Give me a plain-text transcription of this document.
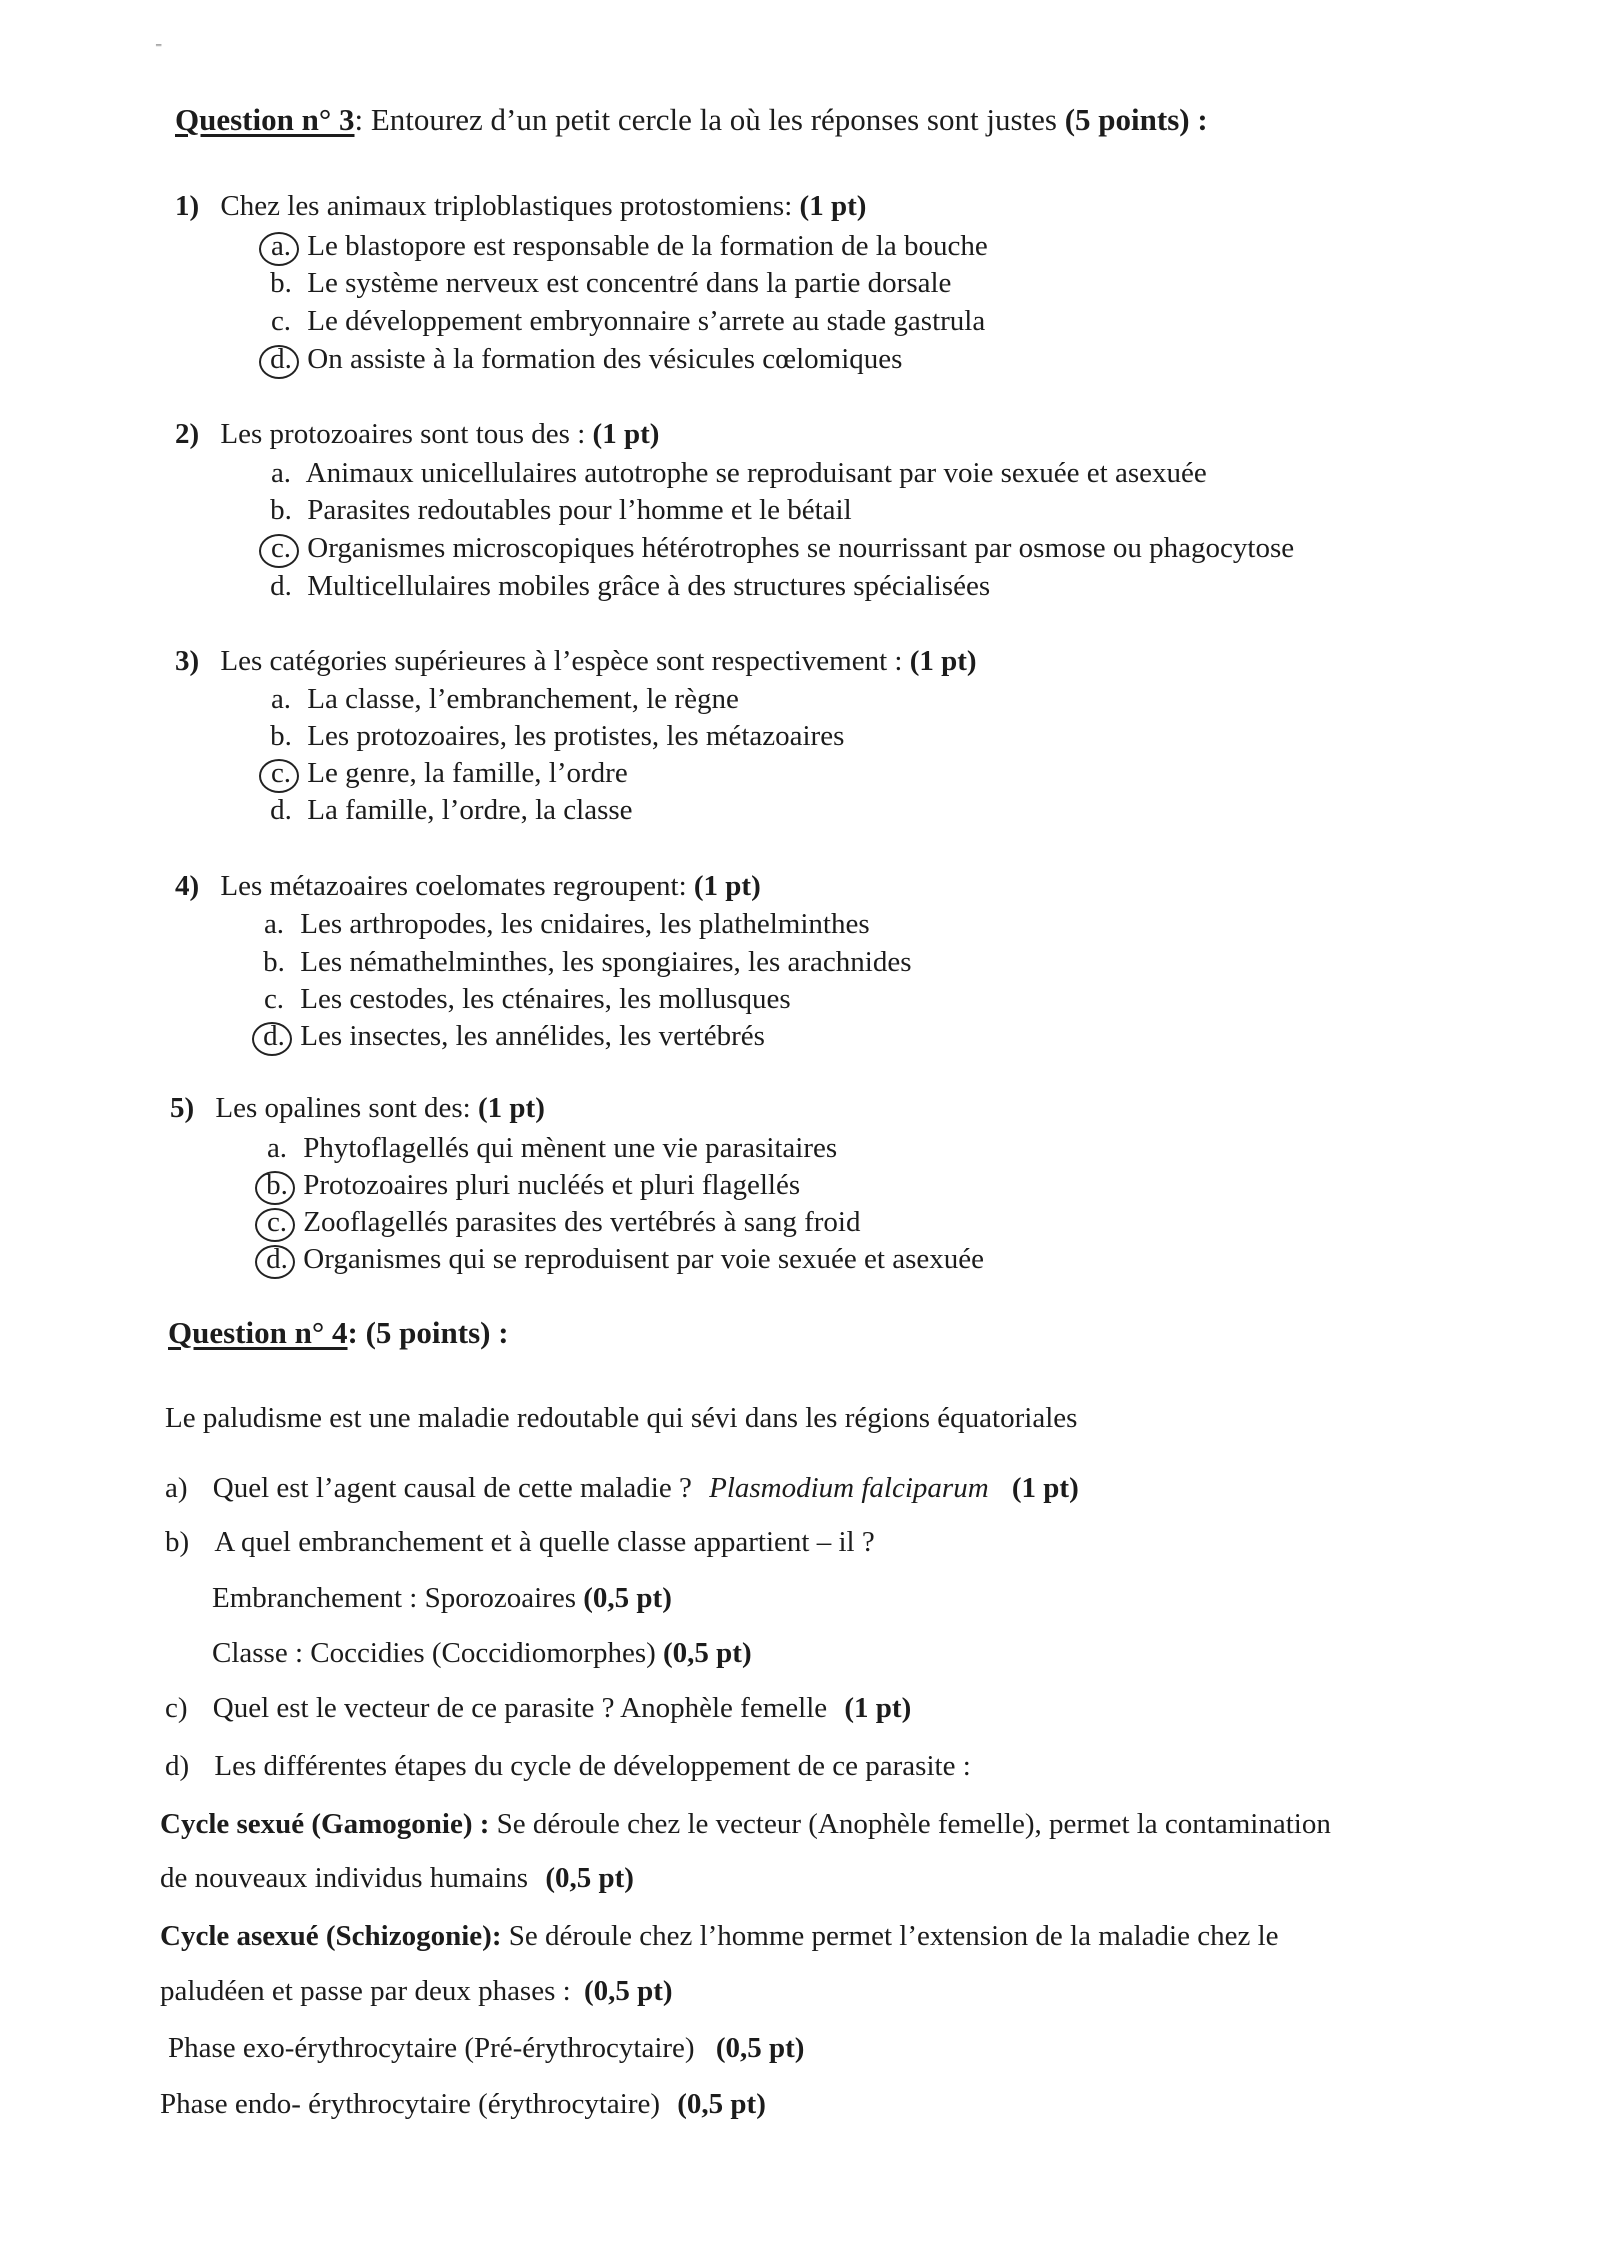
⁼
Question n° 3: Entourez d’un petit cercle la où les réponses sont justes (5 points) :
1) Chez les animaux triploblastiques protostomiens: (1 pt)
a. Le blastopore est responsable de la formation de la bouche
b. Le système nerveux est concentré dans la partie dorsale
c. Le développement embryonnaire s’arrete au stade gastrula
d. On assiste à la formation des vésicules cœlomiques
2) Les protozoaires sont tous des : (1 pt)
a. Animaux unicellulaires autotrophe se reproduisant par voie sexuée et asexuée
b. Parasites redoutables pour l’homme et le bétail
c. Organismes microscopiques hétérotrophes se nourrissant par osmose ou phagocytose
d. Multicellulaires mobiles grâce à des structures spécialisées
3) Les catégories supérieures à l’espèce sont respectivement : (1 pt)
a. La classe, l’embranchement, le règne
b. Les protozoaires, les protistes, les métazoaires
c. Le genre, la famille, l’ordre
d. La famille, l’ordre, la classe
4) Les métazoaires coelomates regroupent: (1 pt)
a. Les arthropodes, les cnidaires, les plathelminthes
b. Les némathelminthes, les spongiaires, les arachnides
c. Les cestodes, les cténaires, les mollusques
d. Les insectes, les annélides, les vertébrés
5) Les opalines sont des: (1 pt)
a. Phytoflagellés qui mènent une vie parasitaires
b. Protozoaires pluri nucléés et pluri flagellés
c. Zooflagellés parasites des vertébrés à sang froid
d. Organismes qui se reproduisent par voie sexuée et asexuée
Question n° 4: (5 points) :
Le paludisme est une maladie redoutable qui sévi dans les régions équatoriales
a) Quel est l’agent causal de cette maladie ? Plasmodium falciparum (1 pt)
b) A quel embranchement et à quelle classe appartient – il ?
Embranchement : Sporozoaires (0,5 pt)
Classe : Coccidies (Coccidiomorphes) (0,5 pt)
c) Quel est le vecteur de ce parasite ? Anophèle femelle (1 pt)
d) Les différentes étapes du cycle de développement de ce parasite :
Cycle sexué (Gamogonie) : Se déroule chez le vecteur (Anophèle femelle), permet la contamination
de nouveaux individus humains (0,5 pt)
Cycle asexué (Schizogonie): Se déroule chez l’homme permet l’extension de la maladie chez le
paludéen et passe par deux phases : (0,5 pt)
Phase exo-érythrocytaire (Pré-érythrocytaire) (0,5 pt)
Phase endo- érythrocytaire (érythrocytaire) (0,5 pt)
